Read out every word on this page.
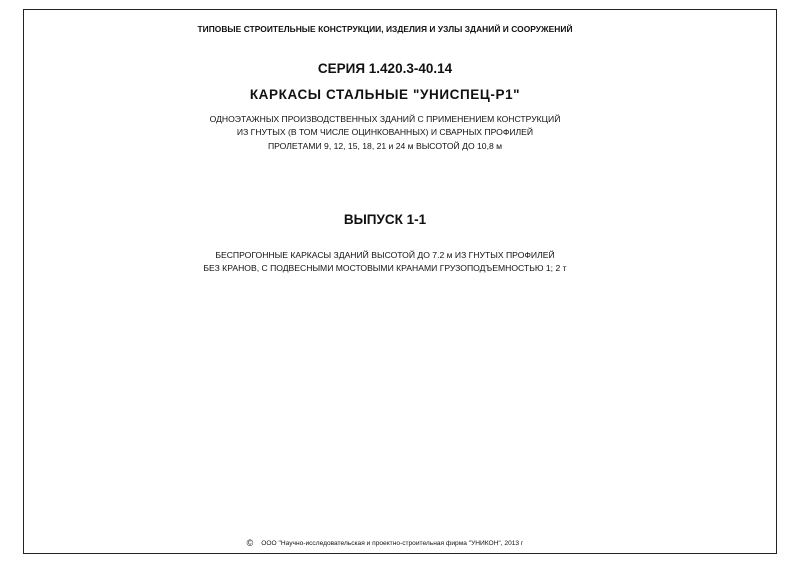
ТИПОВЫЕ СТРОИТЕЛЬНЫЕ КОНСТРУКЦИИ, ИЗДЕЛИЯ И УЗЛЫ ЗДАНИЙ И СООРУЖЕНИЙ
СЕРИЯ 1.420.3-40.14
КАРКАСЫ СТАЛЬНЫЕ "УНИСПЕЦ-Р1"
ОДНОЭТАЖНЫХ ПРОИЗВОДСТВЕННЫХ ЗДАНИЙ С ПРИМЕНЕНИЕМ КОНСТРУКЦИЙ
ИЗ ГНУТЫХ (В ТОМ ЧИСЛЕ ОЦИНКОВАННЫХ) И СВАРНЫХ ПРОФИЛЕЙ
ПРОЛЕТАМИ 9, 12, 15, 18, 21 и 24 м ВЫСОТОЙ ДО 10,8 м
ВЫПУСК 1-1
БЕСПРОГОННЫЕ КАРКАСЫ ЗДАНИЙ ВЫСОТОЙ ДО 7.2 м ИЗ ГНУТЫХ ПРОФИЛЕЙ
БЕЗ КРАНОВ, С ПОДВЕСНЫМИ МОСТОВЫМИ КРАНАМИ ГРУЗОПОДЪЕМНОСТЬЮ 1; 2 т
© ООО "Научно-исследовательская и проектно-строительная фирма "УНИКОН", 2013 г
